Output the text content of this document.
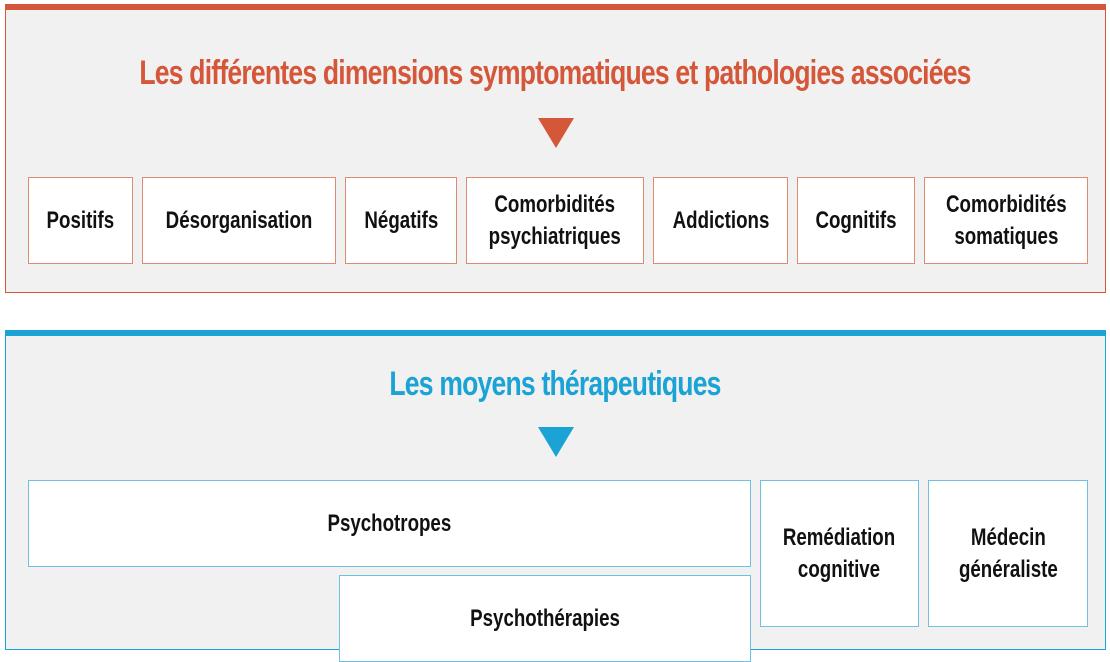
Les différentes dimensions symptomatiques et pathologies associées
Positifs Désorganisation Négatifs
Comorbidités
psychiatriques
Addictions Cognitifs
Comorbidités
somatiques
Les moyens thérapeutiques
Psychotropes
Psychothérapies
Remédiation
cognitive
Médecin
généraliste
